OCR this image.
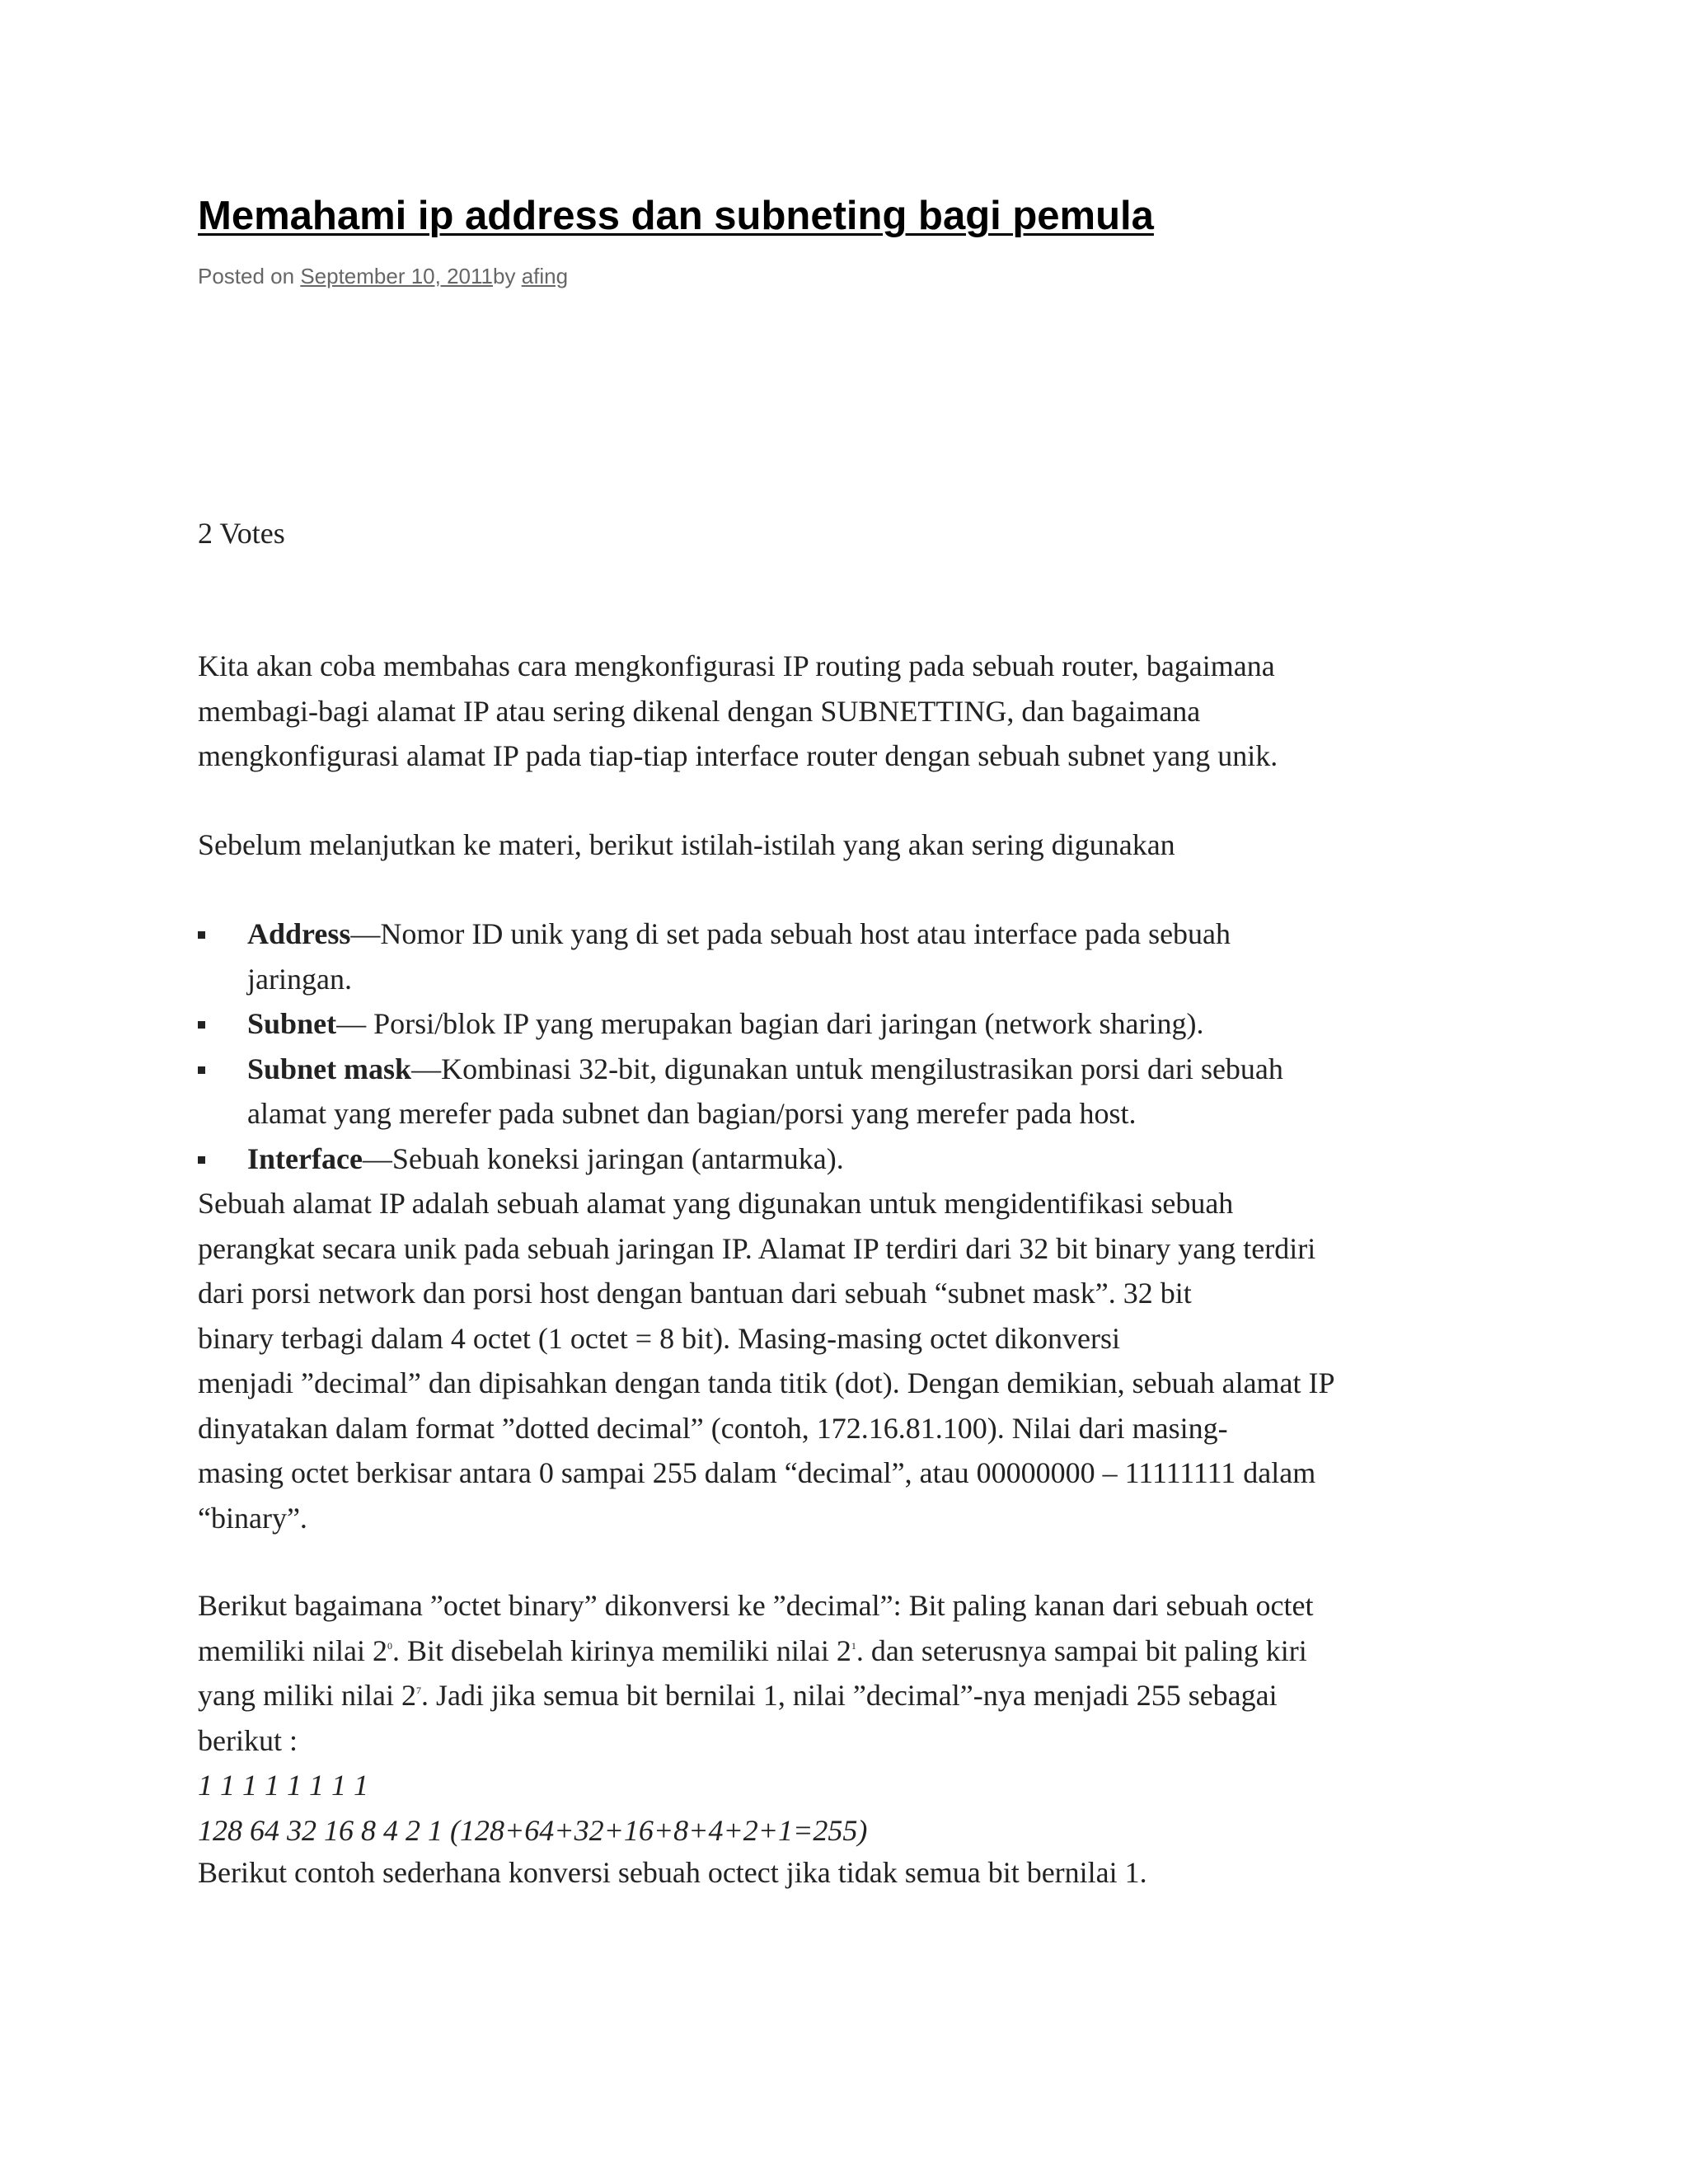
Memahami ip address dan subneting bagi pemula
Posted on September 10, 2011by afing
2 Votes
Kita akan coba membahas cara mengkonfigurasi IP routing pada sebuah router, bagaimana
membagi-bagi alamat IP atau sering dikenal dengan SUBNETTING, dan bagaimana
mengkonfigurasi alamat IP pada tiap-tiap interface router dengan sebuah subnet yang unik.
Sebelum melanjutkan ke materi, berikut istilah-istilah yang akan sering digunakan
Address—Nomor ID unik yang di set pada sebuah host atau interface pada sebuah
jaringan.
Subnet— Porsi/blok IP yang merupakan bagian dari jaringan (network sharing).
Subnet mask—Kombinasi 32-bit, digunakan untuk mengilustrasikan porsi dari sebuah
alamat yang merefer pada subnet dan bagian/porsi yang merefer pada host.
Interface—Sebuah koneksi jaringan (antarmuka).
Sebuah alamat IP adalah sebuah alamat yang digunakan untuk mengidentifikasi sebuah
perangkat secara unik pada sebuah jaringan IP. Alamat IP terdiri dari 32 bit binary yang terdiri
dari porsi network dan porsi host dengan bantuan dari sebuah “subnet mask”. 32 bit
binary terbagi dalam 4 octet (1 octet = 8 bit). Masing-masing octet dikonversi
menjadi ”decimal” dan dipisahkan dengan tanda titik (dot). Dengan demikian, sebuah alamat IP
dinyatakan dalam format ”dotted decimal” (contoh, 172.16.81.100). Nilai dari masing-
masing octet berkisar antara 0 sampai 255 dalam “decimal”, atau 00000000 – 11111111 dalam
“binary”.
Berikut bagaimana ”octet binary” dikonversi ke ”decimal”: Bit paling kanan dari sebuah octet
memiliki nilai $2^0$. Bit disebelah kirinya memiliki nilai $2^1$. dan seterusnya sampai bit paling kiri
yang miliki nilai $2^7$. Jadi jika semua bit bernilai 1, nilai ”decimal”-nya menjadi 255 sebagai
berikut :
1 1 1 1 1 1 1 1
128 64 32 16 8 4 2 1 (128+64+32+16+8+4+2+1=255)
Berikut contoh sederhana konversi sebuah octect jika tidak semua bit bernilai 1.
